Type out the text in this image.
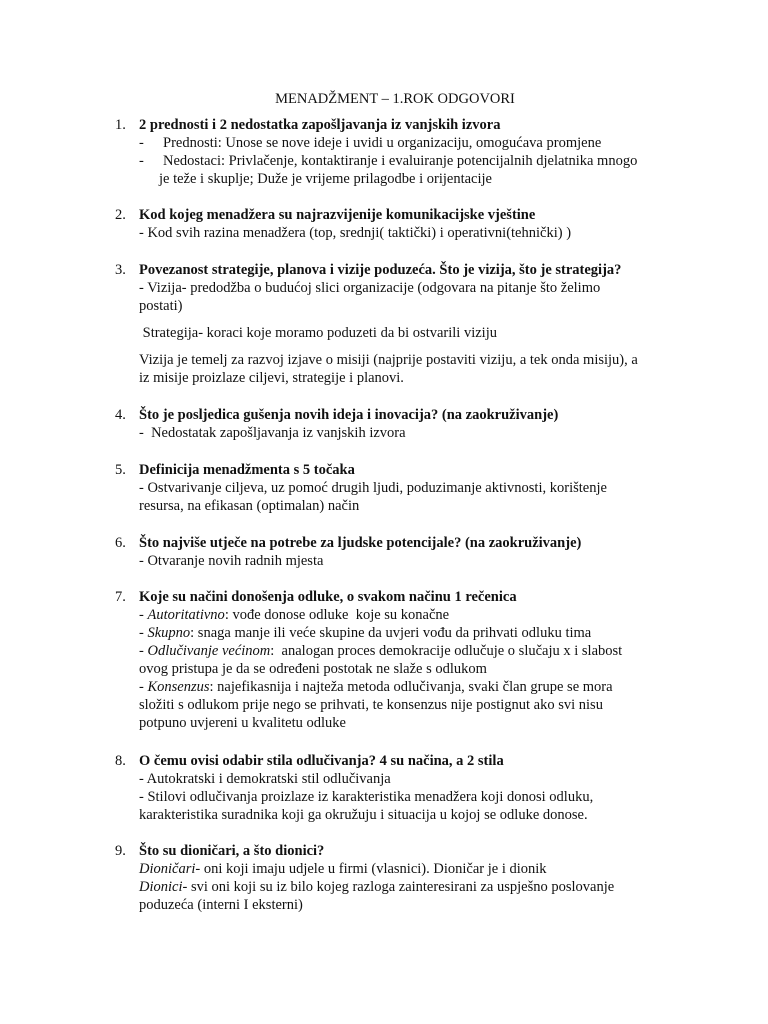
MENADŽMENT – 1.ROK ODGOVORI
1. 2 prednosti i 2 nedostatka zapošljavanja iz vanjskih izvora
-	Prednosti: Unose se nove ideje i uvidi u organizaciju, omogućava promjene
-	Nedostaci: Privlačenje, kontaktiranje i evaluiranje potencijalnih djelatnika mnogo
je teže i skuplje; Duže je vrijeme prilagodbe i orijentacije
2. Kod kojeg menadžera su najrazvijenije komunikacijske vještine
- Kod svih razina menadžera (top, srednji( taktički) i operativni(tehnički) )
3. Povezanost strategije, planova i vizije poduzeća. Što je vizija, što je strategija?
- Vizija- predodžba o budućoj slici organizacije (odgovara na pitanje što želimo
postati)
Strategija- koraci koje moramo poduzeti da bi ostvarili viziju
Vizija je temelj za razvoj izjave o misiji (najprije postaviti viziju, a tek onda misiju), a
iz misije proizlaze ciljevi, strategije i planovi.
4. Što je posljedica gušenja novih ideja i inovacija? (na zaokruživanje)
-  Nedostatak zapošljavanja iz vanjskih izvora
5. Definicija menadžmenta s 5 točaka
- Ostvarivanje ciljeva, uz pomoć drugih ljudi, poduzimanje aktivnosti, korištenje
resursa, na efikasan (optimalan) način
6. Što najviše utječe na potrebe za ljudske potencijale? (na zaokruživanje)
- Otvaranje novih radnih mjesta
7. Koje su načini donošenja odluke, o svakom načinu 1 rečenica
- Autoritativno: vođe donose odluke  koje su konačne
- Skupno: snaga manje ili veće skupine da uvjeri vođu da prihvati odluku tima
- Odlučivanje većinom:  analogan proces demokracije odlučuje o slučaju x i slabost
ovog pristupa je da se određeni postotak ne slaže s odlukom
- Konsenzus: najefikasnija i najteža metoda odlučivanja, svaki član grupe se mora
složiti s odlukom prije nego se prihvati, te konsenzus nije postignut ako svi nisu
potpuno uvjereni u kvalitetu odluke
8. O čemu ovisi odabir stila odlučivanja? 4 su načina, a 2 stila
- Autokratski i demokratski stil odlučivanja
- Stilovi odlučivanja proizlaze iz karakteristika menadžera koji donosi odluku,
karakteristika suradnika koji ga okružuju i situacija u kojoj se odluke donose.
9. Što su dioničari, a što dionici?
Dioničari- oni koji imaju udjele u firmi (vlasnici). Dioničar je i dionik
Dionici- svi oni koji su iz bilo kojeg razloga zainteresirani za uspješno poslovanje
poduzeća (interni I eksterni)
